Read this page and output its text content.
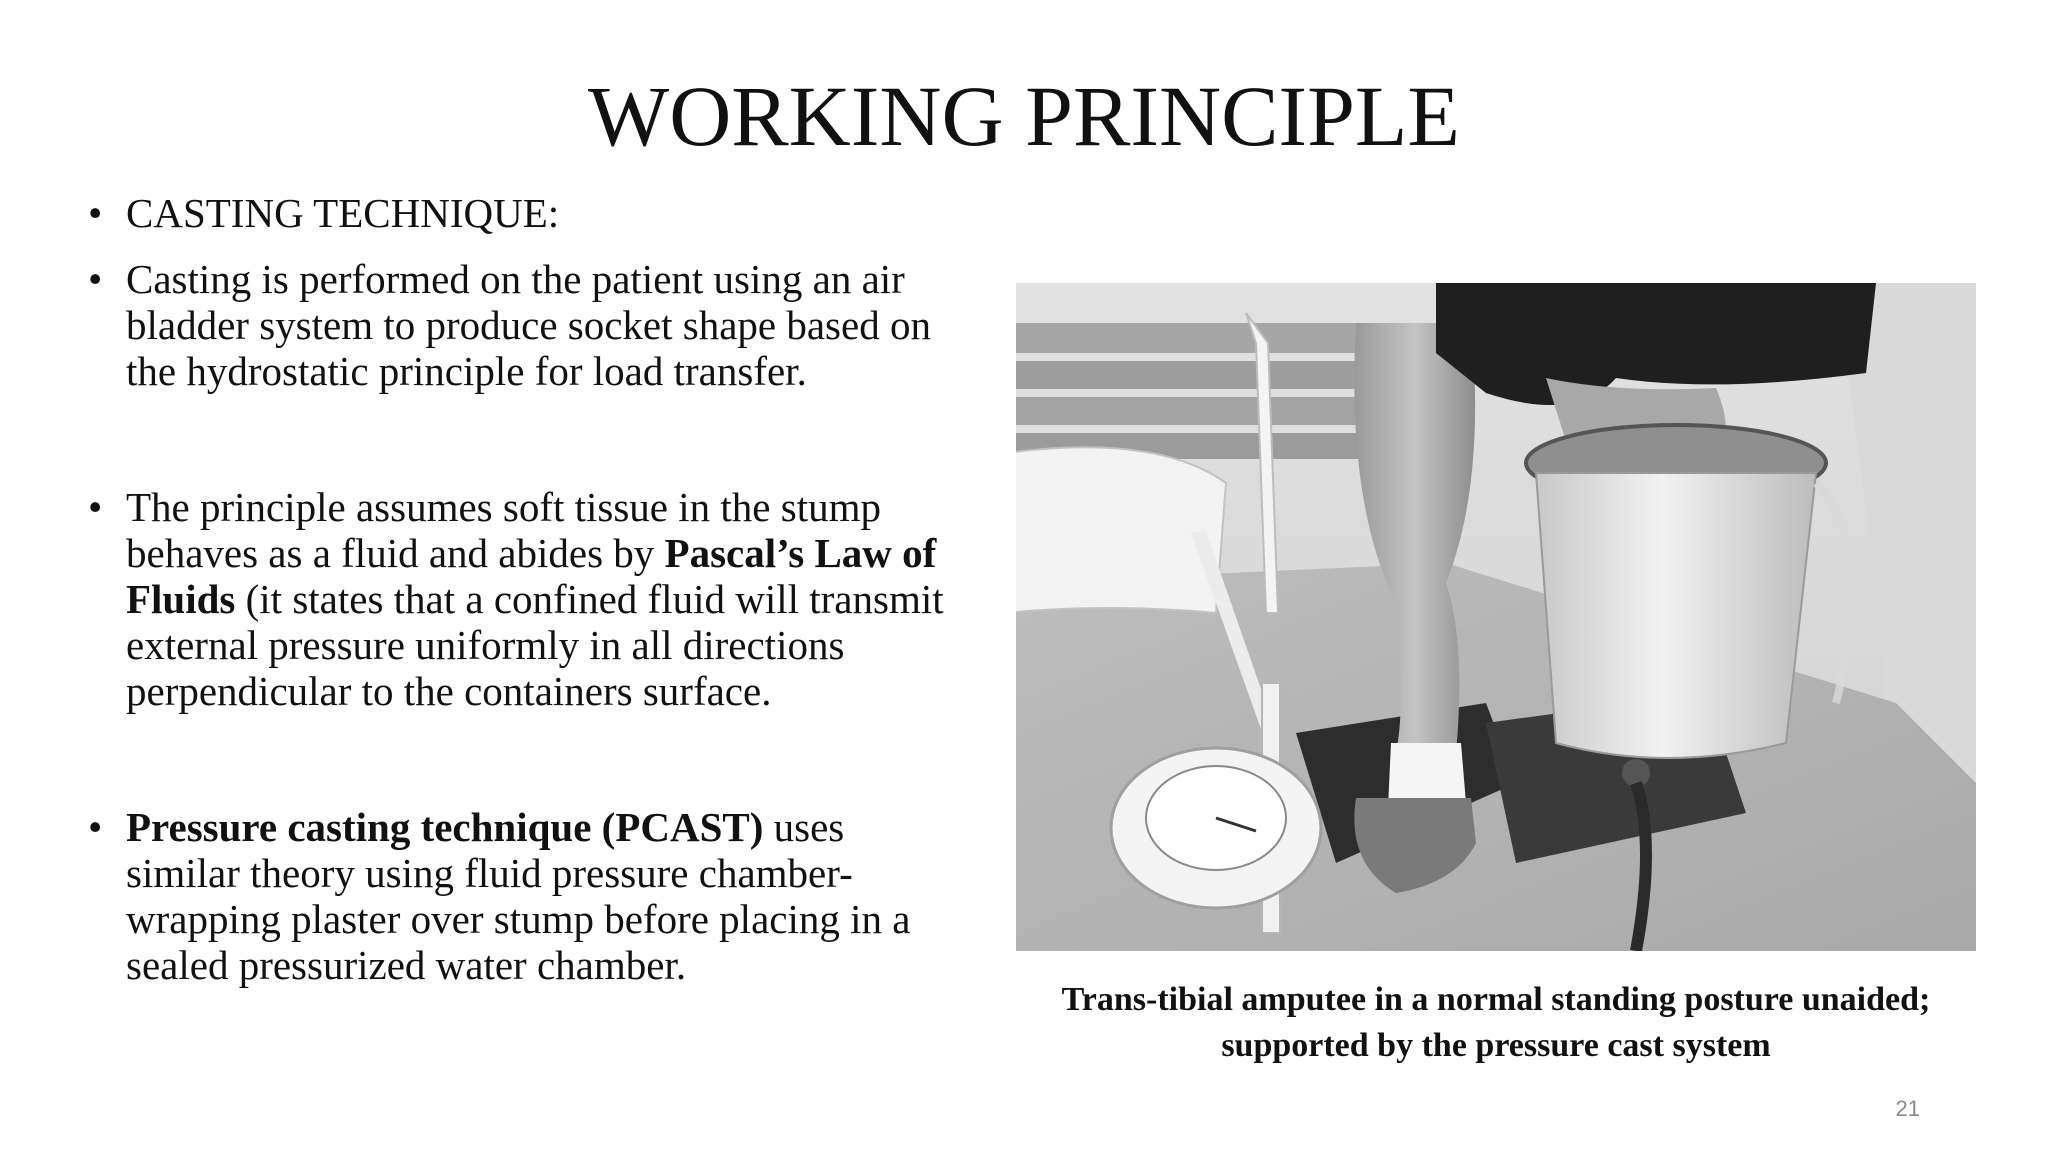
WORKING PRINCIPLE
• CASTING TECHNIQUE:
• Casting is performed on the patient using an air bladder system to produce socket shape based on the hydrostatic principle for load transfer.
• The principle assumes soft tissue in the stump behaves as a fluid and abides by Pascal’s Law of Fluids (it states that a confined fluid will transmit external pressure uniformly in all directions perpendicular to the containers surface.
• Pressure casting technique (PCAST) uses similar theory using fluid pressure chamber- wrapping plaster over stump before placing in a sealed pressurized water chamber.
Trans-tibial amputee in a normal standing posture unaided;
supported by the pressure cast system
21
